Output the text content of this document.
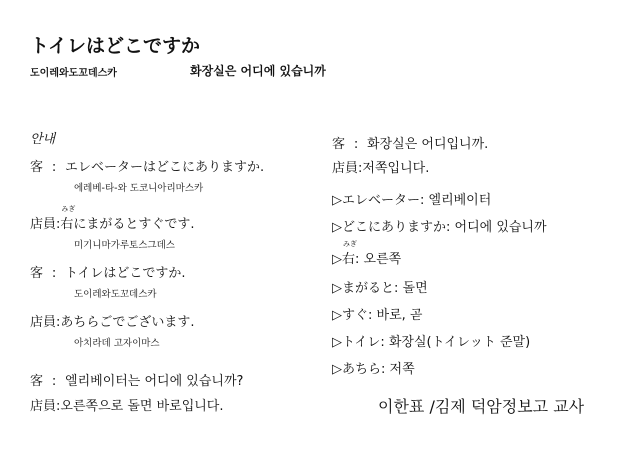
トイレはどこですか
도이레와도꼬데스카	화장실은 어디에 있습니까
안내
客 : エレベーターはどこにありますか.
에레베-타-와 도코니아리마스카
店員:
みぎ
右にまがるとすぐです.
미기니마가루토스그데스
客 : トイレはどこですか.
도이레와도꼬데스카
店員:あちらごでございます.
아치라데 고자이마스
客 : 엘리베이터는 어디에 있습니까?
店員:오른쪽으로 돌면 바로입니다.
客 : 화장실은 어디입니까.
店員:저쪽입니다.
▷エレベーター: 엘리베이터
▷どこにありますか: 어디에 있습니까
▷
みぎ
右: 오른쪽
▷まがると: 돌면
▷すぐ: 바로, 곧
▷トイレ: 화장실(トイレット 준말)
▷あちら: 저쪽
이한표 /김제 덕암정보고 교사
